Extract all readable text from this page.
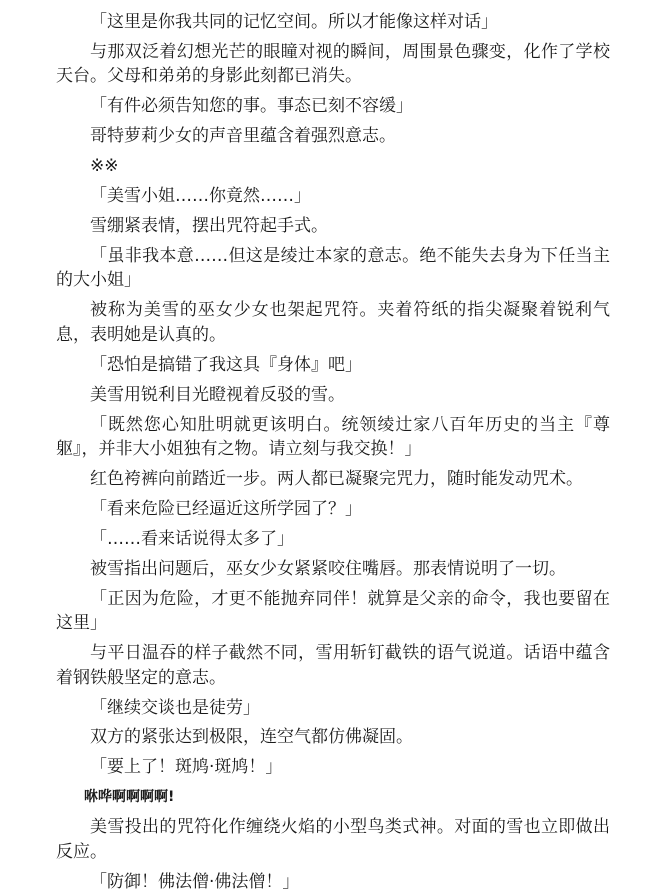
「这里是你我共同的记忆空间。所以才能像这样对话」

与那双泛着幻想光芒的眼瞳对视的瞬间，周围景色骤变，化作了学校天台。父母和弟弟的身影此刻都已消失。

「有件必须告知您的事。事态已刻不容缓」

哥特萝莉少女的声音里蕴含着强烈意志。

※※

「美雪小姐……你竟然……」

雪绷紧表情，摆出咒符起手式。

「虽非我本意……但这是绫辻本家的意志。绝不能失去身为下任当主的大小姐」

被称为美雪的巫女少女也架起咒符。夹着符纸的指尖凝聚着锐利气息，表明她是认真的。

「恐怕是搞错了我这具『身体』吧」

美雪用锐利目光瞪视着反驳的雪。

「既然您心知肚明就更该明白。统领绫辻家八百年历史的当主『尊躯』，并非大小姐独有之物。请立刻与我交换！」

红色袴裤向前踏近一步。两人都已凝聚完咒力，随时能发动咒术。

「看来危险已经逼近这所学园了？」

「……看来话说得太多了」

被雪指出问题后，巫女少女紧紧咬住嘴唇。那表情说明了一切。

「正因为危险，才更不能抛弃同伴！就算是父亲的命令，我也要留在这里」

与平日温吞的样子截然不同，雪用斩钉截铁的语气说道。话语中蕴含着钢铁般坚定的意志。

「继续交谈也是徒劳」

双方的紧张达到极限，连空气都仿佛凝固。

「要上了！斑鸠·斑鸠！」

咻哗啊啊啊啊!

美雪投出的咒符化作缠绕火焰的小型鸟类式神。对面的雪也立即做出反应。

「防御！佛法僧·佛法僧！」
